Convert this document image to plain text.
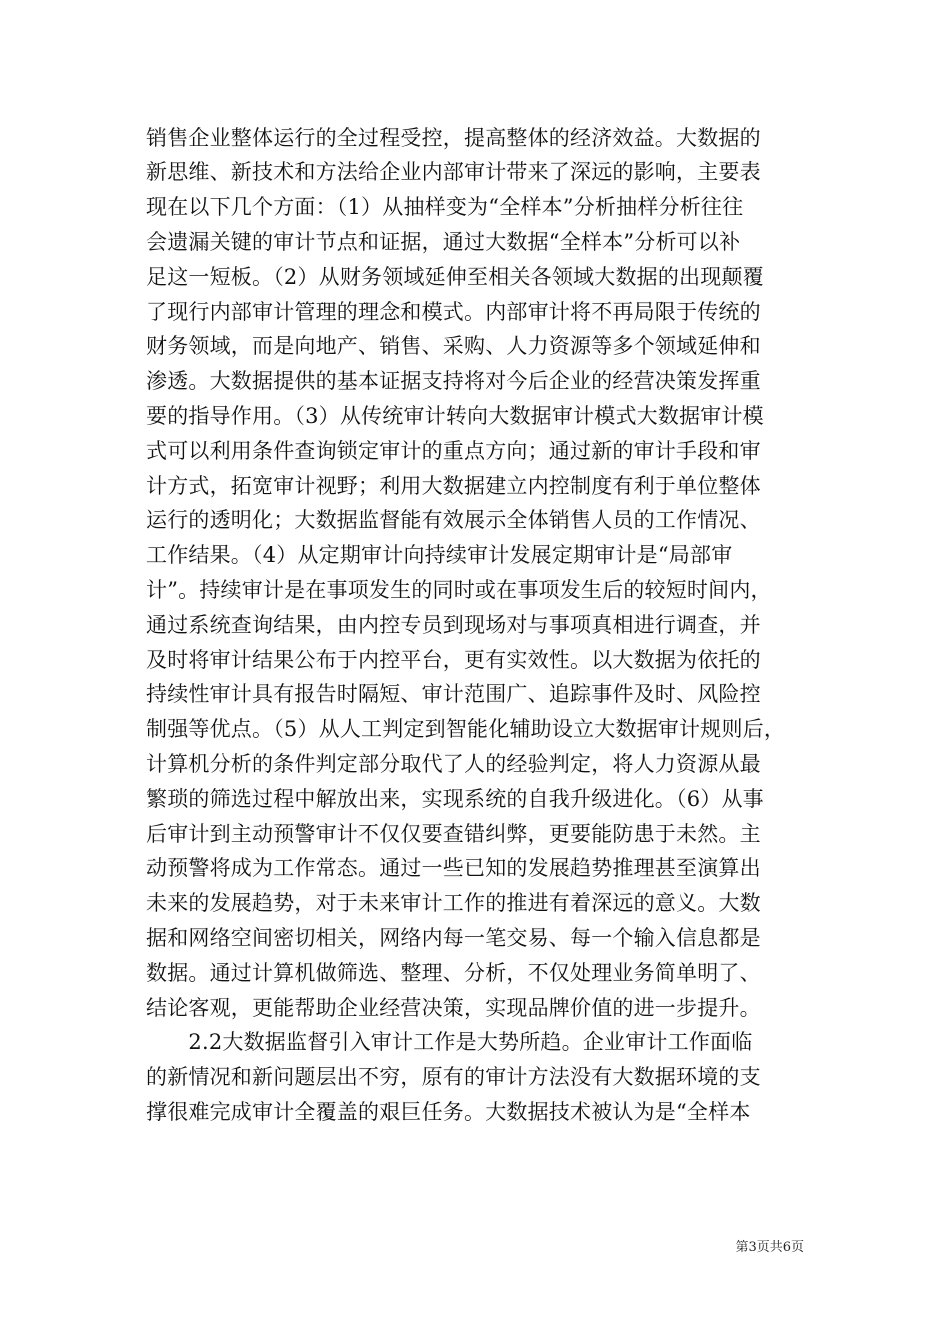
销售企业整体运行的全过程受控，提高整体的经济效益。大数据的
新思维、新技术和方法给企业内部审计带来了深远的影响，主要表
现在以下几个方面：（1）从抽样变为“全样本”分析抽样分析往往
会遗漏关键的审计节点和证据，通过大数据“全样本”分析可以补
足这一短板。（2）从财务领域延伸至相关各领域大数据的出现颠覆
了现行内部审计管理的理念和模式。内部审计将不再局限于传统的
财务领域，而是向地产、销售、采购、人力资源等多个领域延伸和
渗透。大数据提供的基本证据支持将对今后企业的经营决策发挥重
要的指导作用。（3）从传统审计转向大数据审计模式大数据审计模
式可以利用条件查询锁定审计的重点方向；通过新的审计手段和审
计方式，拓宽审计视野；利用大数据建立内控制度有利于单位整体
运行的透明化；大数据监督能有效展示全体销售人员的工作情况、
工作结果。（4）从定期审计向持续审计发展定期审计是“局部审
计”。持续审计是在事项发生的同时或在事项发生后的较短时间内，
通过系统查询结果，由内控专员到现场对与事项真相进行调查，并
及时将审计结果公布于内控平台，更有实效性。以大数据为依托的
持续性审计具有报告时隔短、审计范围广、追踪事件及时、风险控
制强等优点。（5）从人工判定到智能化辅助设立大数据审计规则后，
计算机分析的条件判定部分取代了人的经验判定，将人力资源从最
繁琐的筛选过程中解放出来，实现系统的自我升级进化。（6）从事
后审计到主动预警审计不仅仅要查错纠弊，更要能防患于未然。主
动预警将成为工作常态。通过一些已知的发展趋势推理甚至演算出
未来的发展趋势，对于未来审计工作的推进有着深远的意义。大数
据和网络空间密切相关，网络内每一笔交易、每一个输入信息都是
数据。通过计算机做筛选、整理、分析，不仅处理业务简单明了、
结论客观，更能帮助企业经营决策，实现品牌价值的进一步提升。
　　2.2大数据监督引入审计工作是大势所趋。企业审计工作面临
的新情况和新问题层出不穷，原有的审计方法没有大数据环境的支
撑很难完成审计全覆盖的艰巨任务。大数据技术被认为是“全样本
第3页共6页
